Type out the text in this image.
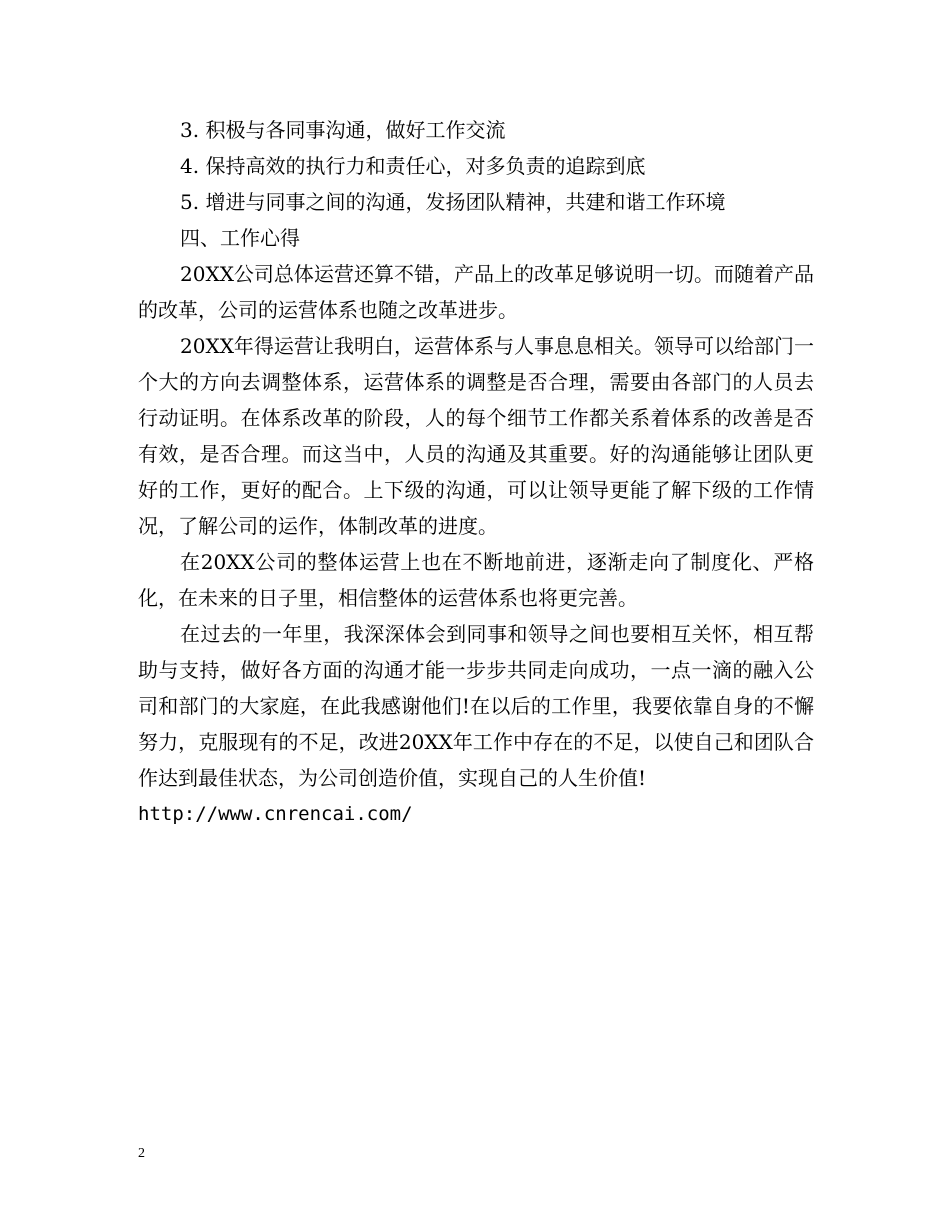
3. 积极与各同事沟通，做好工作交流

4. 保持高效的执行力和责任心，对多负责的追踪到底

5. 增进与同事之间的沟通，发扬团队精神，共建和谐工作环境

四、工作心得

20XX公司总体运营还算不错，产品上的改革足够说明一切。而随着产品的改革，公司的运营体系也随之改革进步。

20XX年得运营让我明白，运营体系与人事息息相关。领导可以给部门一个大的方向去调整体系，运营体系的调整是否合理，需要由各部门的人员去行动证明。在体系改革的阶段，人的每个细节工作都关系着体系的改善是否有效，是否合理。而这当中，人员的沟通及其重要。好的沟通能够让团队更好的工作，更好的配合。上下级的沟通，可以让领导更能了解下级的工作情况，了解公司的运作，体制改革的进度。

在20XX公司的整体运营上也在不断地前进，逐渐走向了制度化、严格化，在未来的日子里，相信整体的运营体系也将更完善。

在过去的一年里，我深深体会到同事和领导之间也要相互关怀，相互帮助与支持，做好各方面的沟通才能一步步共同走向成功，一点一滴的融入公司和部门的大家庭，在此我感谢他们!在以后的工作里，我要依靠自身的不懈努力，克服现有的不足，改进20XX年工作中存在的不足，以使自己和团队合作达到最佳状态，为公司创造价值，实现自己的人生价值!

http://www.cnrencai.com/

2
